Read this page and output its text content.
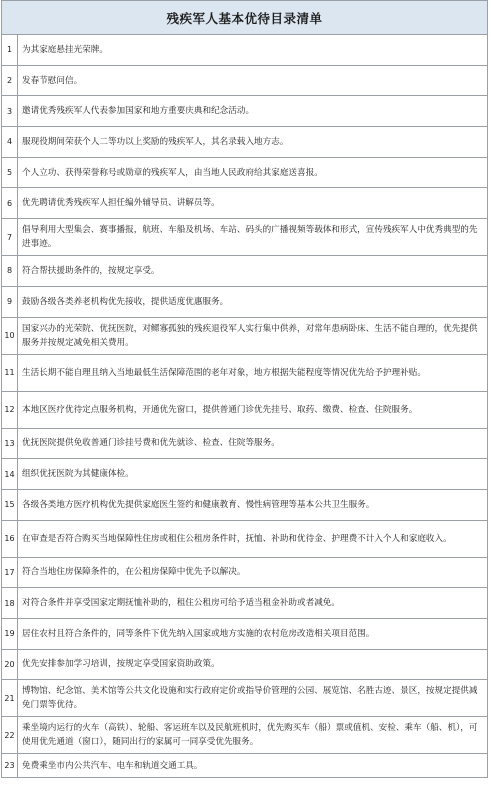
残疾军人基本优待目录清单	
1	为其家庭悬挂光荣牌。
2	发春节慰问信。
3	邀请优秀残疾军人代表参加国家和地方重要庆典和纪念活动。
4	服现役期间荣获个人二等功以上奖励的残疾军人，其名录载入地方志。
5	个人立功、获得荣誉称号或勋章的残疾军人，由当地人民政府给其家庭送喜报。
6	优先聘请优秀残疾军人担任编外辅导员、讲解员等。
7	倡导利用大型集会、赛事播报，航班、车船及机场、车站、码头的广播视频等载体和形式，宣传残疾军人中优秀典型的先进事迹。
8	符合帮扶援助条件的，按规定享受。
9	鼓励各级各类养老机构优先接收，提供适度优惠服务。
10	国家兴办的光荣院、优抚医院，对鳏寡孤独的残疾退役军人实行集中供养，对常年患病卧床、生活不能自理的，优先提供服务并按规定减免相关费用。
11	生活长期不能自理且纳入当地最低生活保障范围的老年对象，地方根据失能程度等情况优先给予护理补贴。
12	本地区医疗优待定点服务机构，开通优先窗口，提供普通门诊优先挂号、取药、缴费、检查、住院服务。
13	优抚医院提供免收普通门诊挂号费和优先就诊、检查、住院等服务。
14	组织优抚医院为其健康体检。
15	各级各类地方医疗机构优先提供家庭医生签约和健康教育、慢性病管理等基本公共卫生服务。
16	在审查是否符合购买当地保障性住房或租住公租房条件时，抚恤、补助和优待金、护理费不计入个人和家庭收入。
17	符合当地住房保障条件的，在公租房保障中优先予以解决。
18	对符合条件并享受国家定期抚恤补助的，租住公租房可给予适当租金补助或者减免。
19	居住农村且符合条件的，同等条件下优先纳入国家或地方实施的农村危房改造相关项目范围。
20	优先安排参加学习培训，按规定享受国家资助政策。
21	博物馆、纪念馆、美术馆等公共文化设施和实行政府定价或指导价管理的公园、展览馆、名胜古迹、景区，按规定提供减免门票等优待。
22	乘坐境内运行的火车（高铁）、轮船、客运班车以及民航班机时，优先购买车（船）票或值机、安检、乘车（船、机），可使用优先通道（窗口），随同出行的家属可一同享受优先服务。
23	免费乘坐市内公共汽车、电车和轨道交通工具。
